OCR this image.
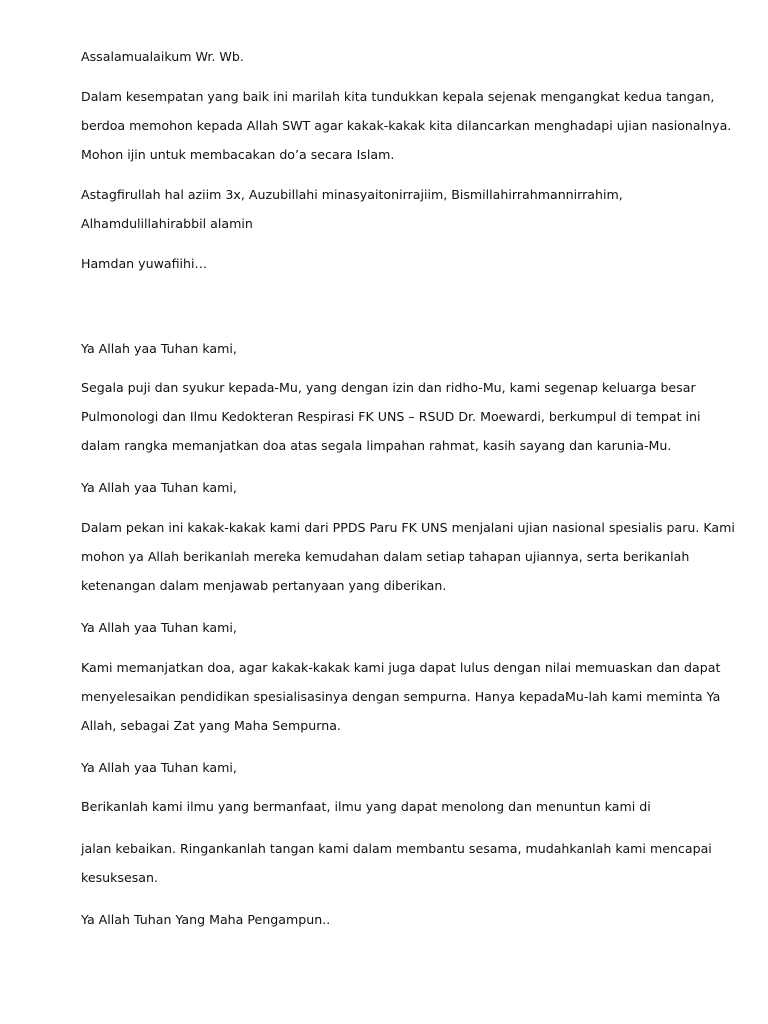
Assalamualaikum Wr. Wb.
Dalam kesempatan yang baik ini marilah kita tundukkan kepala sejenak mengangkat kedua tangan,
berdoa memohon kepada Allah SWT agar kakak-kakak kita dilancarkan menghadapi ujian nasionalnya.
Mohon ijin untuk membacakan do’a secara Islam.
Astagfirullah hal aziim 3x, Auzubillahi minasyaitonirrajiim, Bismillahirrahmannirrahim,
Alhamdulillahirabbil alamin
Hamdan yuwafiihi…
Ya Allah yaa Tuhan kami,
Segala puji dan syukur kepada-Mu, yang dengan izin dan ridho-Mu, kami segenap keluarga besar
Pulmonologi dan Ilmu Kedokteran Respirasi FK UNS – RSUD Dr. Moewardi, berkumpul di tempat ini
dalam rangka memanjatkan doa atas segala limpahan rahmat, kasih sayang dan karunia-Mu.
Ya Allah yaa Tuhan kami,
Dalam pekan ini kakak-kakak kami dari PPDS Paru FK UNS menjalani ujian nasional spesialis paru. Kami
mohon ya Allah berikanlah mereka kemudahan dalam setiap tahapan ujiannya, serta berikanlah
ketenangan dalam menjawab pertanyaan yang diberikan.
Ya Allah yaa Tuhan kami,
Kami memanjatkan doa, agar kakak-kakak kami juga dapat lulus dengan nilai memuaskan dan dapat
menyelesaikan pendidikan spesialisasinya dengan sempurna. Hanya kepadaMu-lah kami meminta Ya
Allah, sebagai Zat yang Maha Sempurna.
Ya Allah yaa Tuhan kami,
Berikanlah kami ilmu yang bermanfaat, ilmu yang dapat menolong dan menuntun kami di
jalan kebaikan. Ringankanlah tangan kami dalam membantu sesama, mudahkanlah kami mencapai
kesuksesan.
Ya Allah Tuhan Yang Maha Pengampun..
